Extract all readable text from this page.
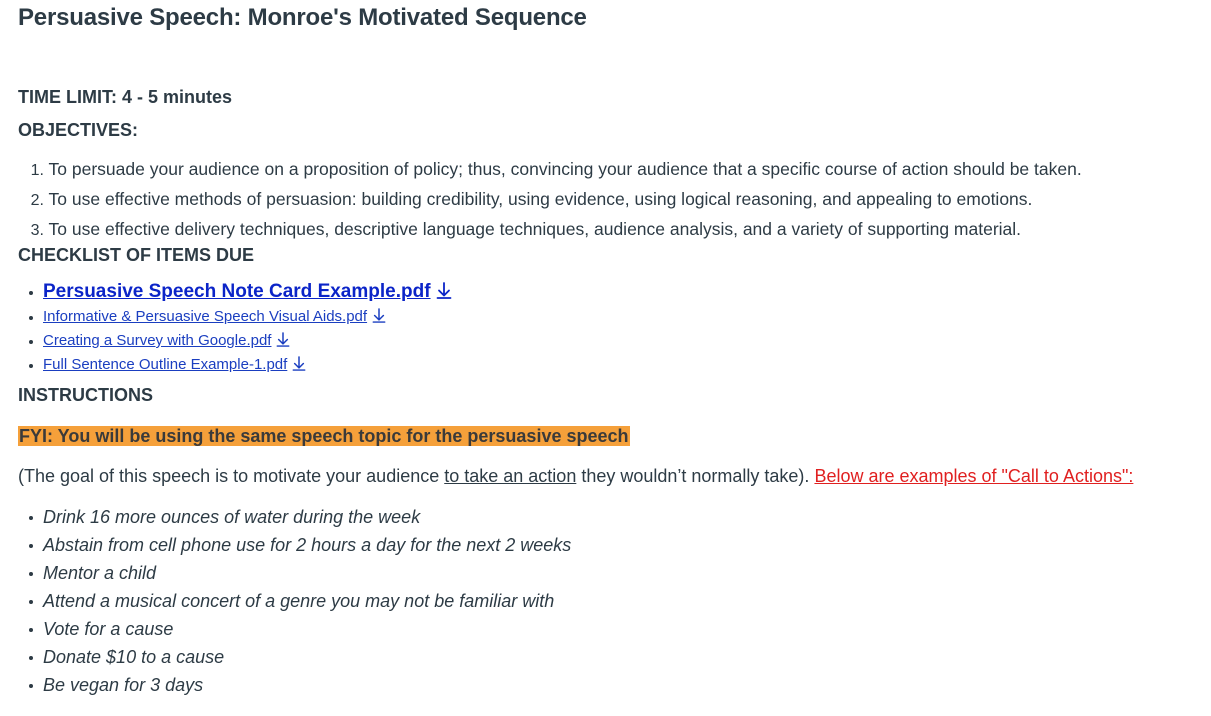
Persuasive Speech: Monroe's Motivated Sequence

TIME LIMIT: 4 - 5 minutes

OBJECTIVES:
1. To persuade your audience on a proposition of policy; thus, convincing your audience that a specific course of action should be taken.
2. To use effective methods of persuasion: building credibility, using evidence, using logical reasoning, and appealing to emotions.
3. To use effective delivery techniques, descriptive language techniques, audience analysis, and a variety of supporting material.
CHECKLIST OF ITEMS DUE
Persuasive Speech Note Card Example.pdf
Informative & Persuasive Speech Visual Aids.pdf
Creating a Survey with Google.pdf
Full Sentence Outline Example-1.pdf
INSTRUCTIONS

FYI: You will be using the same speech topic for the persuasive speech

(The goal of this speech is to motivate your audience to take an action they wouldn’t normally take). Below are examples of "Call to Actions":

Drink 16 more ounces of water during the week
Abstain from cell phone use for 2 hours a day for the next 2 weeks
Mentor a child
Attend a musical concert of a genre you may not be familiar with
Vote for a cause
Donate $10 to a cause
Be vegan for 3 days
